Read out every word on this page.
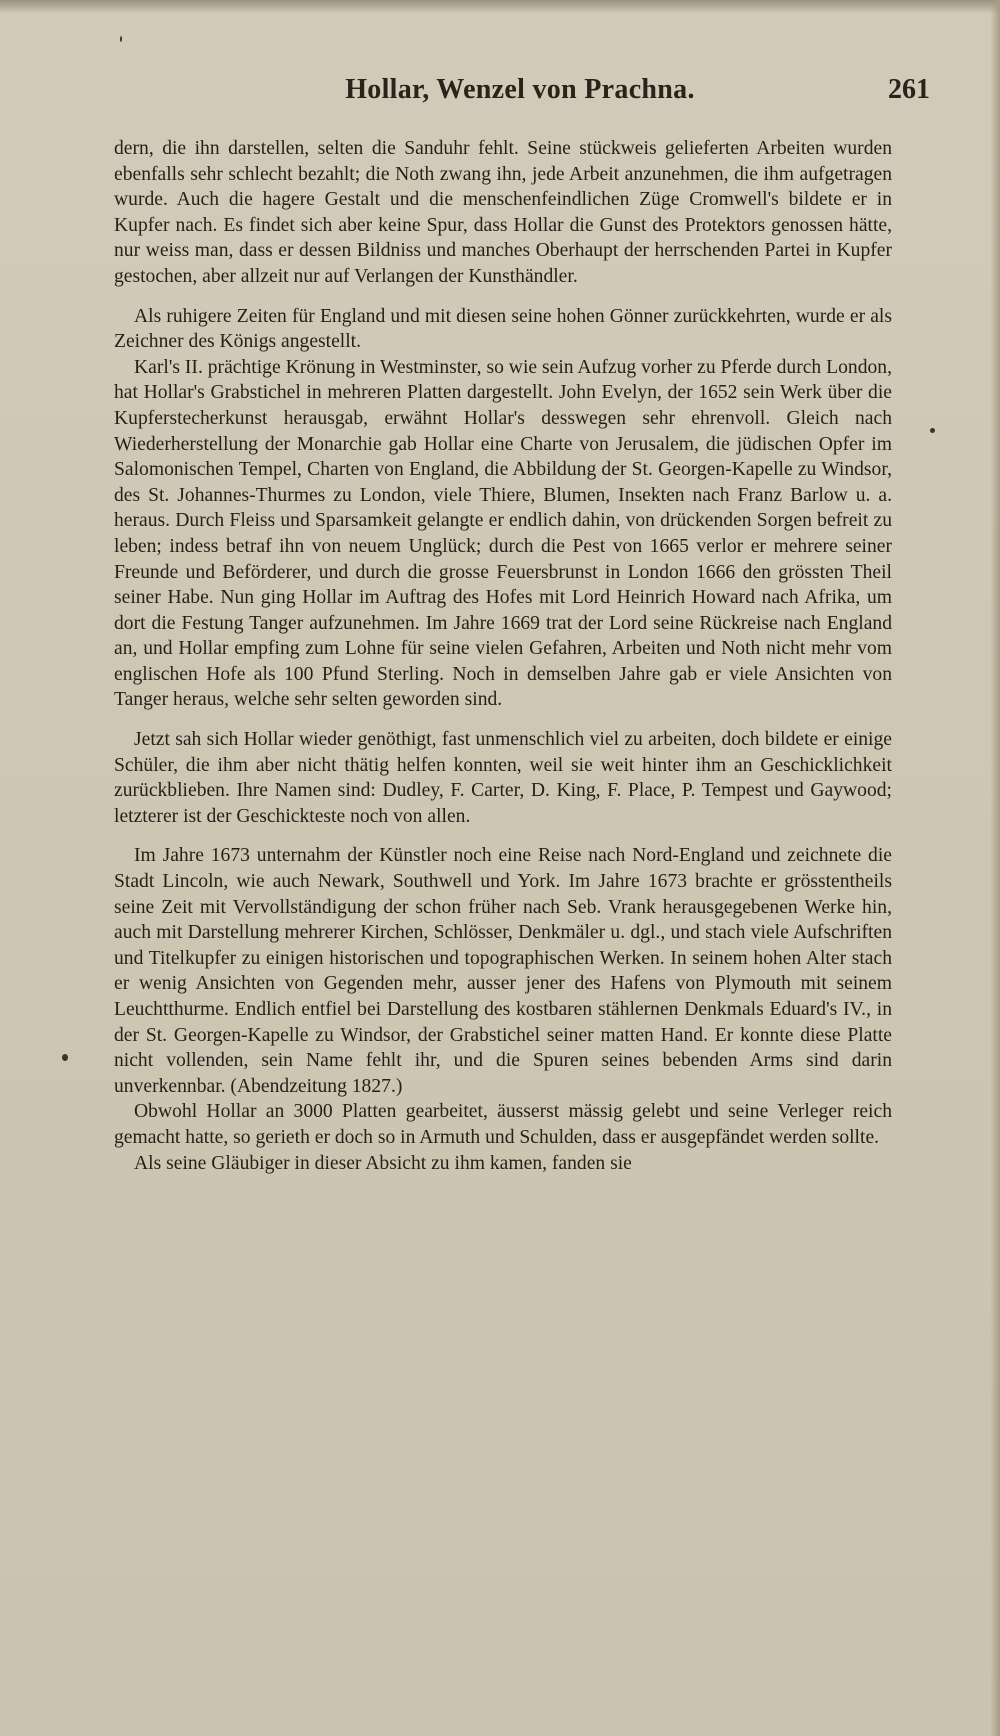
Hollar, Wenzel von Prachna.	261

dern, die ihn darstellen, selten die Sanduhr fehlt. Seine stückweis gelieferten Arbeiten wurden ebenfalls sehr schlecht bezahlt; die Noth zwang ihn, jede Arbeit anzunehmen, die ihm aufgetragen wurde. Auch die hagere Gestalt und die menschenfeindlichen Züge Cromwell's bildete er in Kupfer nach. Es findet sich aber keine Spur, dass Hollar die Gunst des Protektors genossen hätte, nur weiss man, dass er dessen Bildniss und manches Oberhaupt der herrschenden Partei in Kupfer gestochen, aber allzeit nur auf Verlangen der Kunsthändler.

Als ruhigere Zeiten für England und mit diesen seine hohen Gönner zurückkehrten, wurde er als Zeichner des Königs angestellt.

Karl's II. prächtige Krönung in Westminster, so wie sein Aufzug vorher zu Pferde durch London, hat Hollar's Grabstichel in mehreren Platten dargestellt. John Evelyn, der 1652 sein Werk über die Kupferstecherkunst herausgab, erwähnt Hollar's desswegen sehr ehrenvoll. Gleich nach Wiederherstellung der Monarchie gab Hollar eine Charte von Jerusalem, die jüdischen Opfer im Salomonischen Tempel, Charten von England, die Abbildung der St. Georgen-Kapelle zu Windsor, des St. Johannes-Thurmes zu London, viele Thiere, Blumen, Insekten nach Franz Barlow u. a. heraus. Durch Fleiss und Sparsamkeit gelangte er endlich dahin, von drückenden Sorgen befreit zu leben; indess betraf ihn von neuem Unglück; durch die Pest von 1665 verlor er mehrere seiner Freunde und Beförderer, und durch die grosse Feuersbrunst in London 1666 den grössten Theil seiner Habe. Nun ging Hollar im Auftrag des Hofes mit Lord Heinrich Howard nach Afrika, um dort die Festung Tanger aufzunehmen. Im Jahre 1669 trat der Lord seine Rückreise nach England an, und Hollar empfing zum Lohne für seine vielen Gefahren, Arbeiten und Noth nicht mehr vom englischen Hofe als 100 Pfund Sterling. Noch in demselben Jahre gab er viele Ansichten von Tanger heraus, welche sehr selten geworden sind.

Jetzt sah sich Hollar wieder genöthigt, fast unmenschlich viel zu arbeiten, doch bildete er einige Schüler, die ihm aber nicht thätig helfen konnten, weil sie weit hinter ihm an Geschicklichkeit zurückblieben. Ihre Namen sind: Dudley, F. Carter, D. King, F. Place, P. Tempest und Gaywood; letzterer ist der Geschickteste noch von allen.

Im Jahre 1673 unternahm der Künstler noch eine Reise nach Nord-England und zeichnete die Stadt Lincoln, wie auch Newark, Southwell und York. Im Jahre 1673 brachte er grösstentheils seine Zeit mit Vervollständigung der schon früher nach Seb. Vrank herausgegebenen Werke hin, auch mit Darstellung mehrerer Kirchen, Schlösser, Denkmäler u. dgl., und stach viele Aufschriften und Titelkupfer zu einigen historischen und topographischen Werken. In seinem hohen Alter stach er wenig Ansichten von Gegenden mehr, ausser jener des Hafens von Plymouth mit seinem Leuchtthurme. Endlich entfiel bei Darstellung des kostbaren stählernen Denkmals Eduard's IV., in der St. Georgen-Kapelle zu Windsor, der Grabstichel seiner matten Hand. Er konnte diese Platte nicht vollenden, sein Name fehlt ihr, und die Spuren seines bebenden Arms sind darin unverkennbar. (Abendzeitung 1827.)

Obwohl Hollar an 3000 Platten gearbeitet, äusserst mässig gelebt und seine Verleger reich gemacht hatte, so gerieth er doch so in Armuth und Schulden, dass er ausgepfändet werden sollte.

Als seine Gläubiger in dieser Absicht zu ihm kamen, fanden sie
